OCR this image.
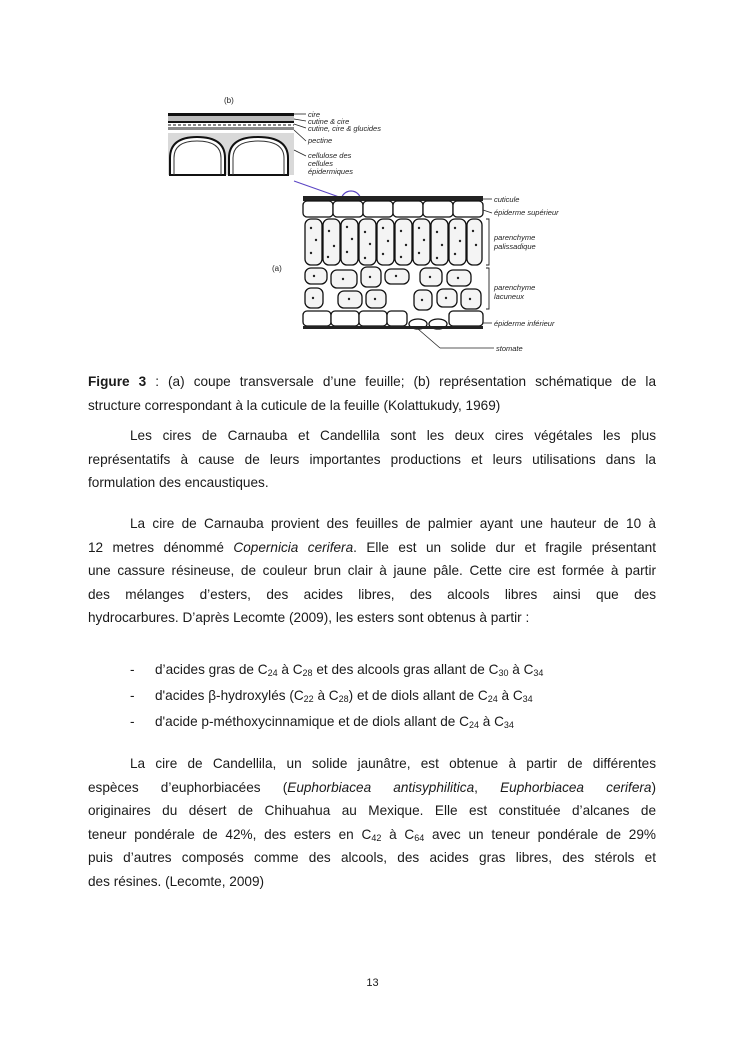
(b)
cire
cutine & cire
cutine, cire & glucides
pectine
cellulose des
cellules
épidermiques
(a)
cuticule
épiderme supérieur
parenchyme
palissadique
parenchyme
lacuneux
épiderme inférieur
stomate

Figure 3 : (a) coupe transversale d’une feuille; (b) représentation schématique de la

structure correspondant à la cuticule de la feuille (Kolattukudy, 1969)

Les cires de Carnauba et Candellila sont les deux cires végétales les plus

représentatifs à cause de leurs importantes productions et leurs utilisations dans la

formulation des encaustiques.

La cire de Carnauba provient des feuilles de palmier ayant une hauteur de 10 à

12 metres dénommé Copernicia cerifera. Elle est un solide dur et fragile présentant

une cassure résineuse, de couleur brun clair à jaune pâle. Cette cire est formée à partir

des mélanges d’esters, des acides libres, des alcools libres ainsi que des

hydrocarbures. D’après Lecomte (2009), les esters sont obtenus à partir :

- d’acides gras de $C_{24}$ à $C_{28}$ et des alcools gras allant de $C_{30}$ à $C_{34}$
- d'acides β-hydroxylés ($C_{22}$ à $C_{28}$) et de diols allant de $C_{24}$ à $C_{34}$
- d'acide p-méthoxycinnamique et de diols allant de $C_{24}$ à $C_{34}$

La cire de Candellila, un solide jaunâtre, est obtenue à partir de différentes

espèces d’euphorbiacées (Euphorbiacea antisyphilitica, Euphorbiacea cerifera)

originaires du désert de Chihuahua au Mexique. Elle est constituée d’alcanes de

teneur pondérale de 42%, des esters en $C_{42}$ à $C_{64}$ avec un teneur pondérale de 29%

puis d’autres composés comme des alcools, des acides gras libres, des stérols et

des résines. (Lecomte, 2009)

13
